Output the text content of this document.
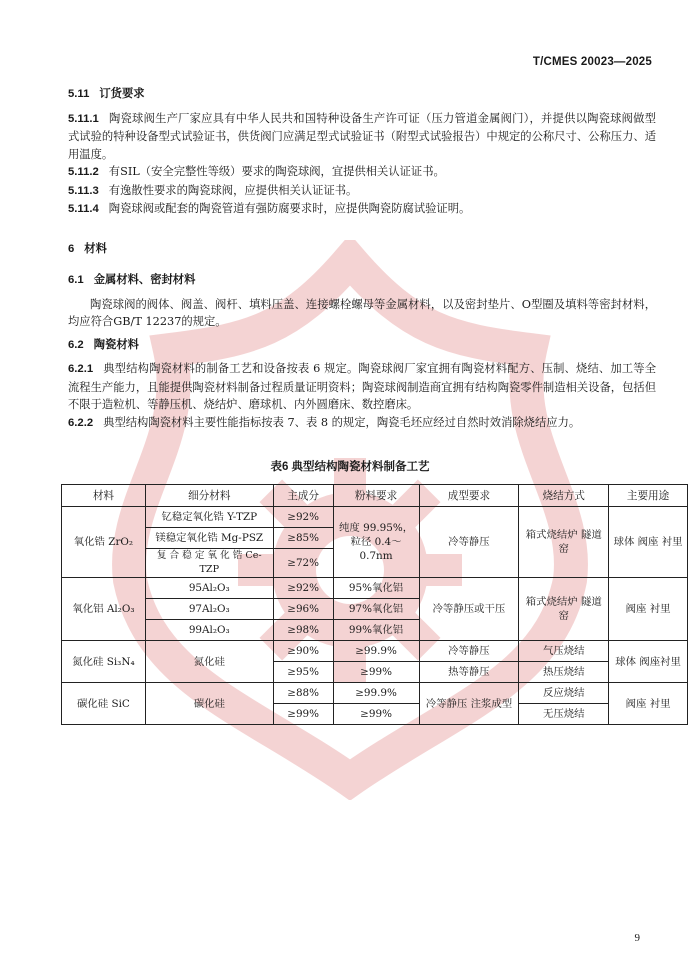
T/CMES 20023—2025

5.11 订货要求

5.11.1 陶瓷球阀生产厂家应具有中华人民共和国特种设备生产许可证（压力管道金属阀门），并提供以陶瓷球阀做型式试验的特种设备型式试验证书，供货阀门应满足型式试验证书（附型式试验报告）中规定的公称尺寸、公称压力、适用温度。

5.11.2 有SIL（安全完整性等级）要求的陶瓷球阀，宜提供相关认证证书。

5.11.3 有逸散性要求的陶瓷球阀，应提供相关认证证书。

5.11.4 陶瓷球阀或配套的陶瓷管道有强防腐要求时，应提供陶瓷防腐试验证明。

6 材料

6.1 金属材料、密封材料

陶瓷球阀的阀体、阀盖、阀杆、填料压盖、连接螺栓螺母等金属材料，以及密封垫片、O型圈及填料等密封材料，均应符合GB/T 12237的规定。

6.2 陶瓷材料

6.2.1 典型结构陶瓷材料的制备工艺和设备按表 6 规定。陶瓷球阀厂家宜拥有陶瓷材料配方、压制、烧结、加工等全流程生产能力，且能提供陶瓷材料制备过程质量证明资料；陶瓷球阀制造商宜拥有结构陶瓷零件制造相关设备，包括但不限于造粒机、等静压机、烧结炉、磨球机、内外圆磨床、数控磨床。

6.2.2 典型结构陶瓷材料主要性能指标按表 7、表 8 的规定，陶瓷毛坯应经过自然时效消除烧结应力。

表6 典型结构陶瓷材料制备工艺
材料	细分材料	主成分	粉料要求	成型要求	烧结方式	主要用途
氧化锆 ZrO₂	钇稳定氧化锆 Y-TZP	≥92%	纯度 99.95%，粒径 0.4～0.7nm	冷等静压	箱式烧结炉 隧道窑	球体 阀座 衬里
	镁稳定氧化锆 Mg-PSZ	≥85%				
	复 合 稳 定 氧 化 锆 Ce-TZP	≥72%				
氧化铝 Al₂O₃	95Al₂O₃	≥92%	95%氧化铝	冷等静压或干压	箱式烧结炉 隧道窑	阀座 衬里
	97Al₂O₃	≥96%	97%氧化铝			
	99Al₂O₃	≥98%	99%氧化铝			
氮化硅 Si₃N₄	氮化硅	≥90%	≥99.9%	冷等静压	气压烧结	球体 阀座衬里
		≥95%	≥99%	热等静压	热压烧结	
碳化硅 SiC	碳化硅	≥88%	≥99.9%	冷等静压 注浆成型	反应烧结	阀座 衬里
		≥99%	≥99%		无压烧结	
9
